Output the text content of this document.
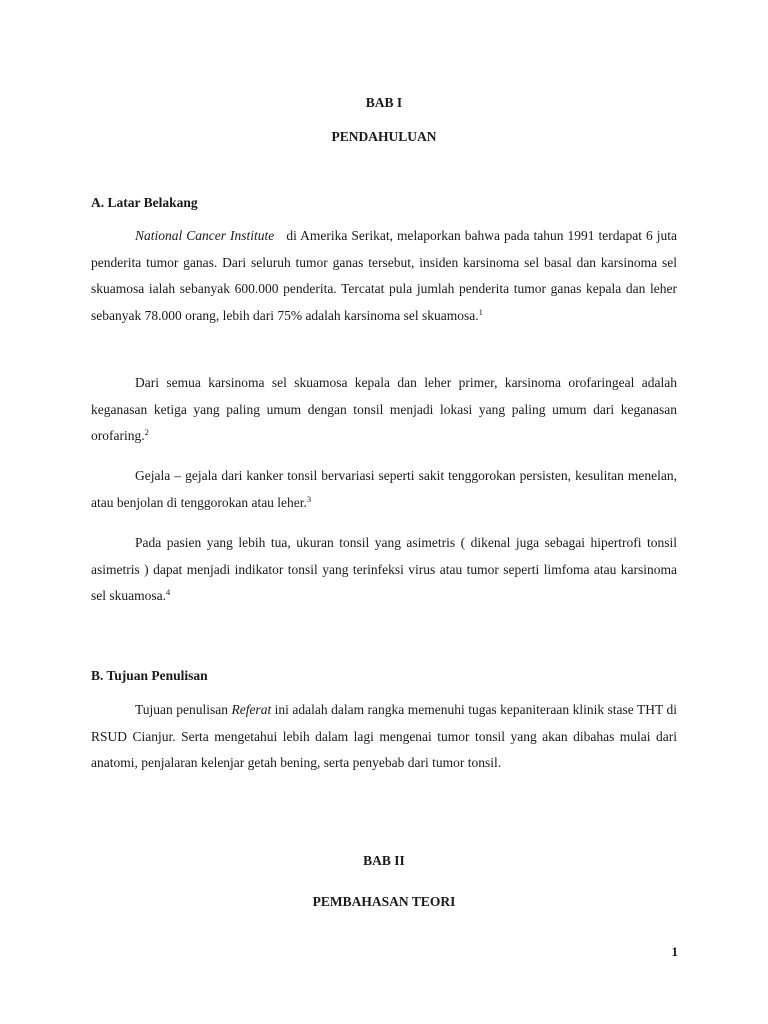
BAB I
PENDAHULUAN
A. Latar Belakang

National Cancer Institute di Amerika Serikat, melaporkan bahwa pada tahun 1991 terdapat 6 juta penderita tumor ganas. Dari seluruh tumor ganas tersebut, insiden karsinoma sel basal dan karsinoma sel skuamosa ialah sebanyak 600.000 penderita. Tercatat pula jumlah penderita tumor ganas kepala dan leher sebanyak 78.000 orang, lebih dari 75% adalah karsinoma sel skuamosa.$^1$

Dari semua karsinoma sel skuamosa kepala dan leher primer, karsinoma orofaringeal adalah keganasan ketiga yang paling umum dengan tonsil menjadi lokasi yang paling umum dari keganasan orofaring.$^2$

Gejala – gejala dari kanker tonsil bervariasi seperti sakit tenggorokan persisten, kesulitan menelan, atau benjolan di tenggorokan atau leher.$^3$

Pada pasien yang lebih tua, ukuran tonsil yang asimetris ( dikenal juga sebagai hipertrofi tonsil asimetris ) dapat menjadi indikator tonsil yang terinfeksi virus atau tumor seperti limfoma atau karsinoma sel skuamosa.$^4$

B. Tujuan Penulisan

Tujuan penulisan Referat ini adalah dalam rangka memenuhi tugas kepaniteraan klinik stase THT di RSUD Cianjur. Serta mengetahui lebih dalam lagi mengenai tumor tonsil yang akan dibahas mulai dari anatomi, penjalaran kelenjar getah bening, serta penyebab dari tumor tonsil.

BAB II
PEMBAHASAN TEORI
1
